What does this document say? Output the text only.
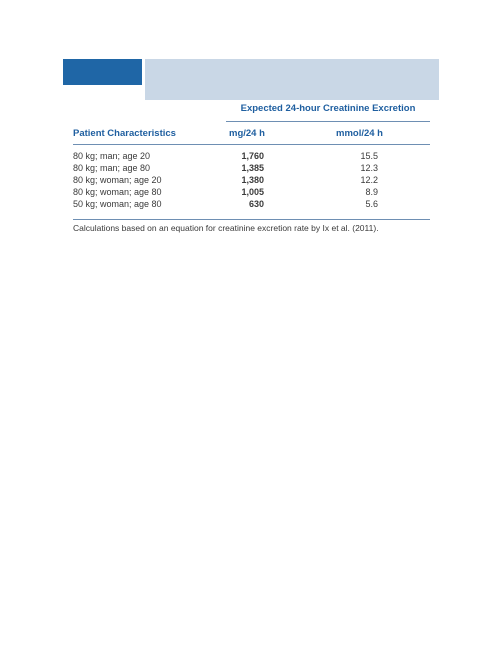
Expected 24-hour Creatinine Excretion
Patient Characteristics	mg/24 h	mmol/24 h
80 kg; man; age 20	1,760	15.5
80 kg; man; age 80	1,385	12.3
80 kg; woman; age 20	1,380	12.2
80 kg; woman; age 80	1,005	8.9
50 kg; woman; age 80	630	5.6
Calculations based on an equation for creatinine excretion rate by Ix et al. (2011).
